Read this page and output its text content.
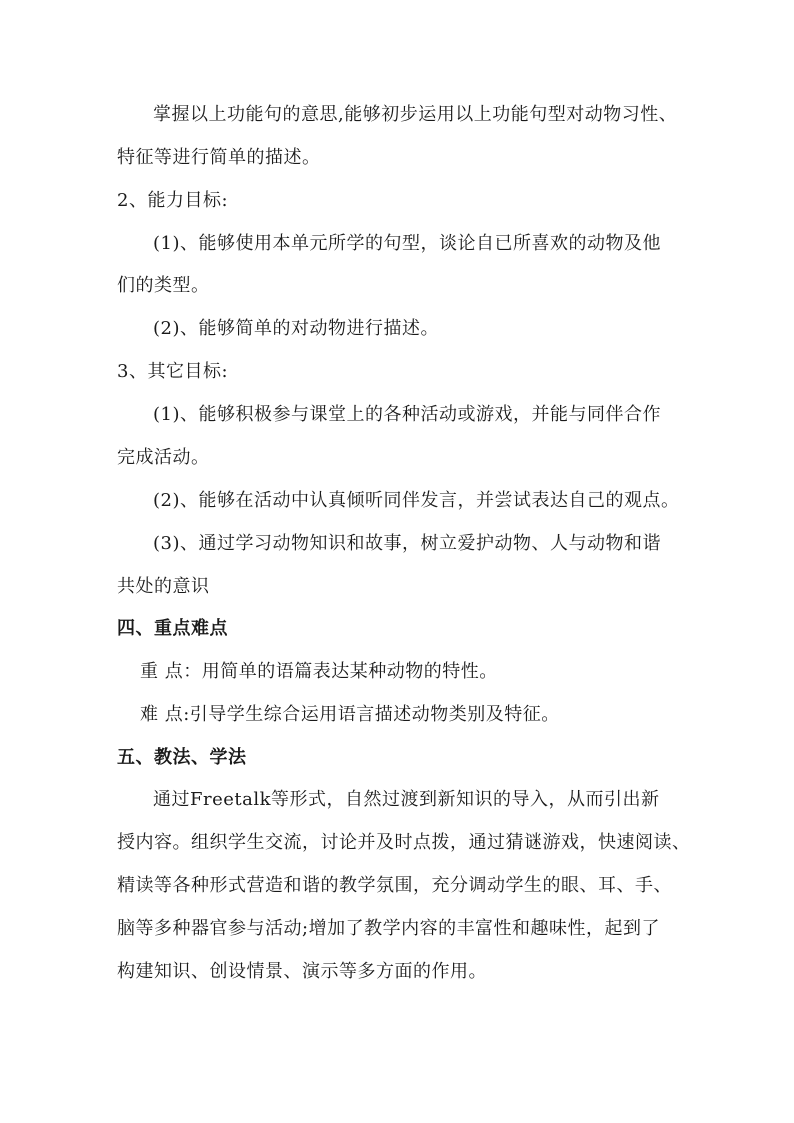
掌握以上功能句的意思,能够初步运用以上功能句型对动物习性、
特征等进行简单的描述。
2、能力目标:
(1)、能够使用本单元所学的句型，谈论自已所喜欢的动物及他
们的类型。
(2)、能够简单的对动物进行描述。
3、其它目标:
(1)、能够积极参与课堂上的各种活动或游戏，并能与同伴合作
完成活动。
(2)、能够在活动中认真倾听同伴发言，并尝试表达自己的观点。
(3)、通过学习动物知识和故事，树立爱护动物、人与动物和谐
共处的意识
四、重点难点
重 点：用简单的语篇表达某种动物的特性。
难 点:引导学生综合运用语言描述动物类别及特征。
五、教法、学法
通过Freetalk等形式，自然过渡到新知识的导入，从而引出新
授内容。组织学生交流，讨论并及时点拨，通过猜谜游戏，快速阅读、
精读等各种形式营造和谐的教学氛围，充分调动学生的眼、耳、手、
脑等多种器官参与活动;增加了教学内容的丰富性和趣味性，起到了
构建知识、创设情景、演示等多方面的作用。
